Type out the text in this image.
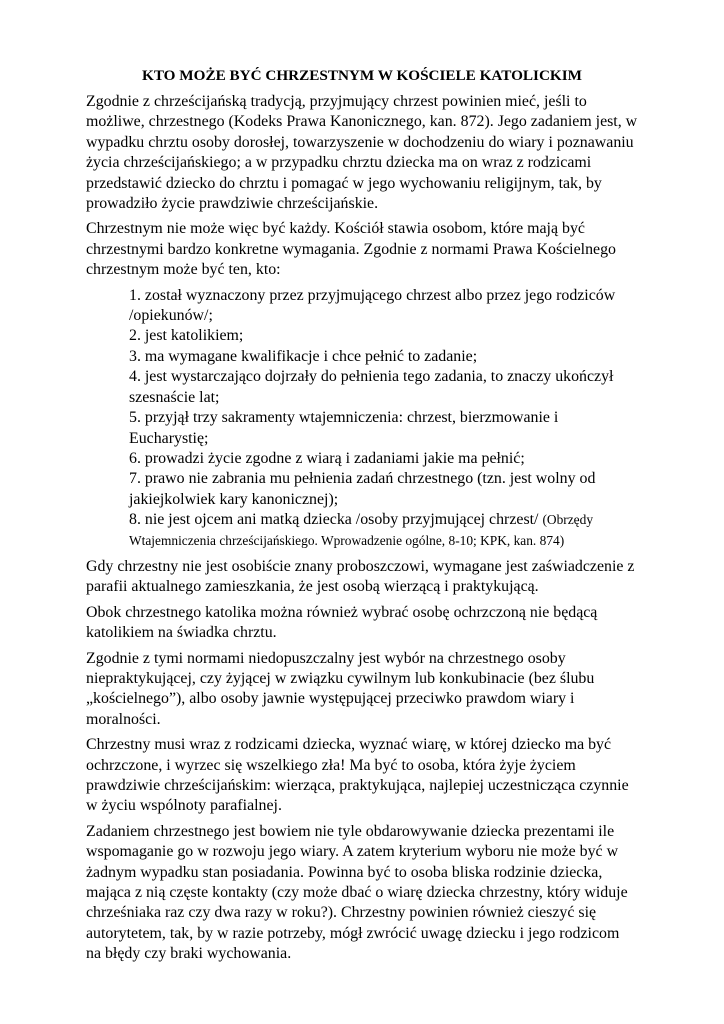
KTO MOŻE BYĆ CHRZESTNYM W KOŚCIELE KATOLICKIM

Zgodnie z chrześcijańską tradycją, przyjmujący chrzest powinien mieć, jeśli to możliwe, chrzestnego (Kodeks Prawa Kanonicznego, kan. 872). Jego zadaniem jest, w wypadku chrztu osoby dorosłej, towarzyszenie w dochodzeniu do wiary i poznawaniu życia chrześcijańskiego; a w przypadku chrztu dziecka ma on wraz z rodzicami przedstawić dziecko do chrztu i pomagać w jego wychowaniu religijnym, tak, by prowadziło życie prawdziwie chrześcijańskie.

Chrzestnym nie może więc być każdy. Kościół stawia osobom, które mają być chrzestnymi bardzo konkretne wymagania. Zgodnie z normami Prawa Kościelnego chrzestnym może być ten, kto:

1. został wyznaczony przez przyjmującego chrzest albo przez jego rodziców /opiekunów/;
2. jest katolikiem;
3. ma wymagane kwalifikacje i chce pełnić to zadanie;
4. jest wystarczająco dojrzały do pełnienia tego zadania, to znaczy ukończył szesnaście lat;
5. przyjął trzy sakramenty wtajemniczenia: chrzest, bierzmowanie i Eucharystię;
6. prowadzi życie zgodne z wiarą i zadaniami jakie ma pełnić;
7. prawo nie zabrania mu pełnienia zadań chrzestnego (tzn. jest wolny od jakiejkolwiek kary kanonicznej);
8. nie jest ojcem ani matką dziecka /osoby przyjmującej chrzest/ (Obrzędy Wtajemniczenia chrześcijańskiego. Wprowadzenie ogólne, 8-10; KPK, kan. 874)

Gdy chrzestny nie jest osobiście znany proboszczowi, wymagane jest zaświadczenie z parafii aktualnego zamieszkania, że jest osobą wierzącą i praktykującą.

Obok chrzestnego katolika można również wybrać osobę ochrzczoną nie będącą katolikiem na świadka chrztu.

Zgodnie z tymi normami niedopuszczalny jest wybór na chrzestnego osoby niepraktykującej, czy żyjącej w związku cywilnym lub konkubinacie (bez ślubu „kościelnego”), albo osoby jawnie występującej przeciwko prawdom wiary i moralności.

Chrzestny musi wraz z rodzicami dziecka, wyznać wiarę, w której dziecko ma być ochrzczone, i wyrzec się wszelkiego zła! Ma być to osoba, która żyje życiem prawdziwie chrześcijańskim: wierząca, praktykująca, najlepiej uczestnicząca czynnie w życiu wspólnoty parafialnej.

Zadaniem chrzestnego jest bowiem nie tyle obdarowywanie dziecka prezentami ile wspomaganie go w rozwoju jego wiary. A zatem kryterium wyboru nie może być w żadnym wypadku stan posiadania. Powinna być to osoba bliska rodzinie dziecka, mająca z nią częste kontakty (czy może dbać o wiarę dziecka chrzestny, który widuje chrześniaka raz czy dwa razy w roku?). Chrzestny powinien również cieszyć się autorytetem, tak, by w razie potrzeby, mógł zwrócić uwagę dziecku i jego rodzicom na błędy czy braki wychowania.
